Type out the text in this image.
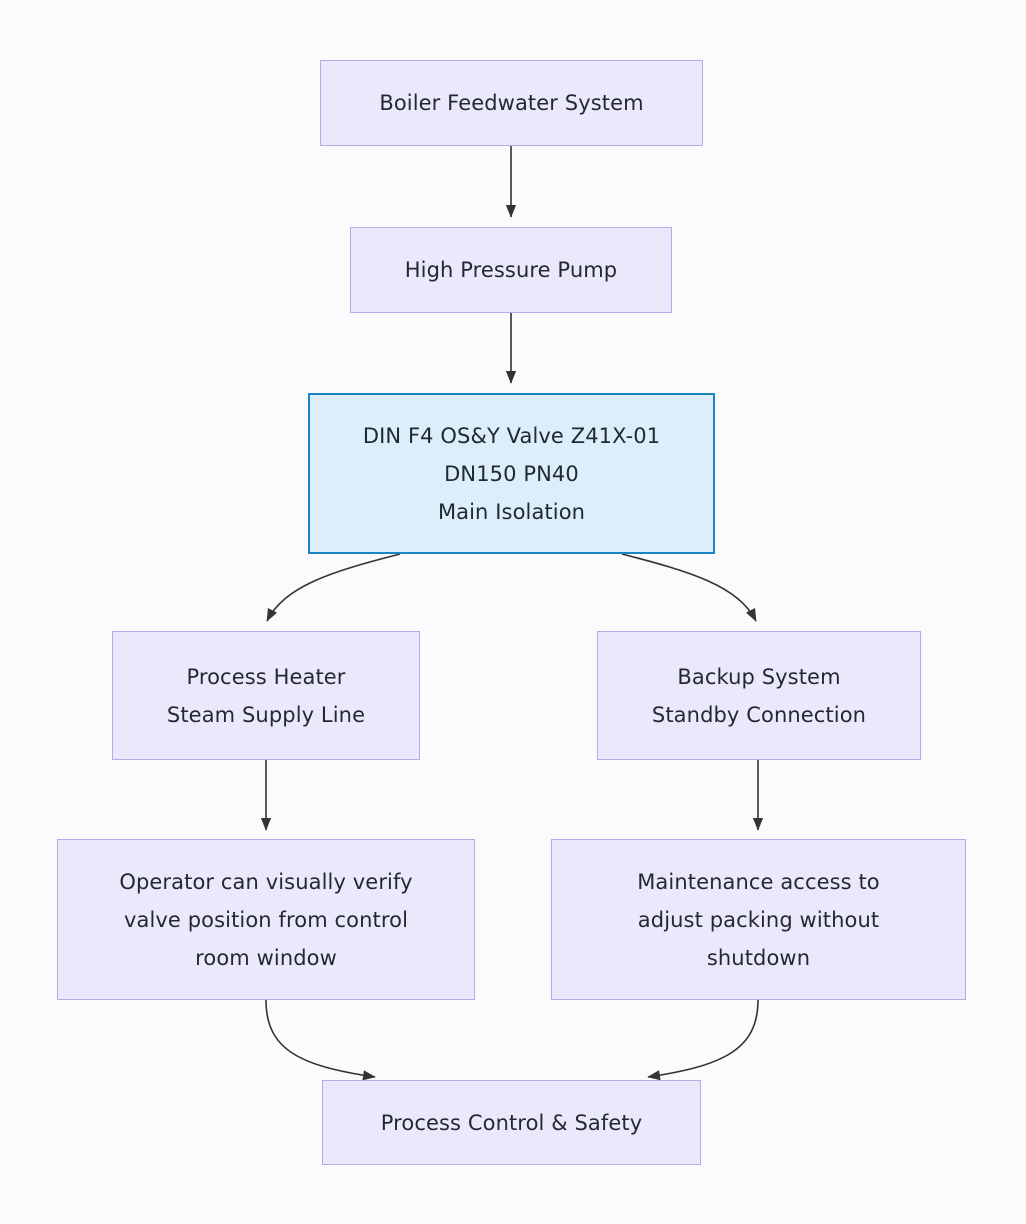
Boiler Feedwater System
High Pressure Pump
DIN F4 OS&Y Valve Z41X-01
DN150 PN40
Main Isolation
Process Heater
Steam Supply Line
Backup System
Standby Connection
Operator can visually verify
valve position from control
room window
Maintenance access to
adjust packing without
shutdown
Process Control & Safety
